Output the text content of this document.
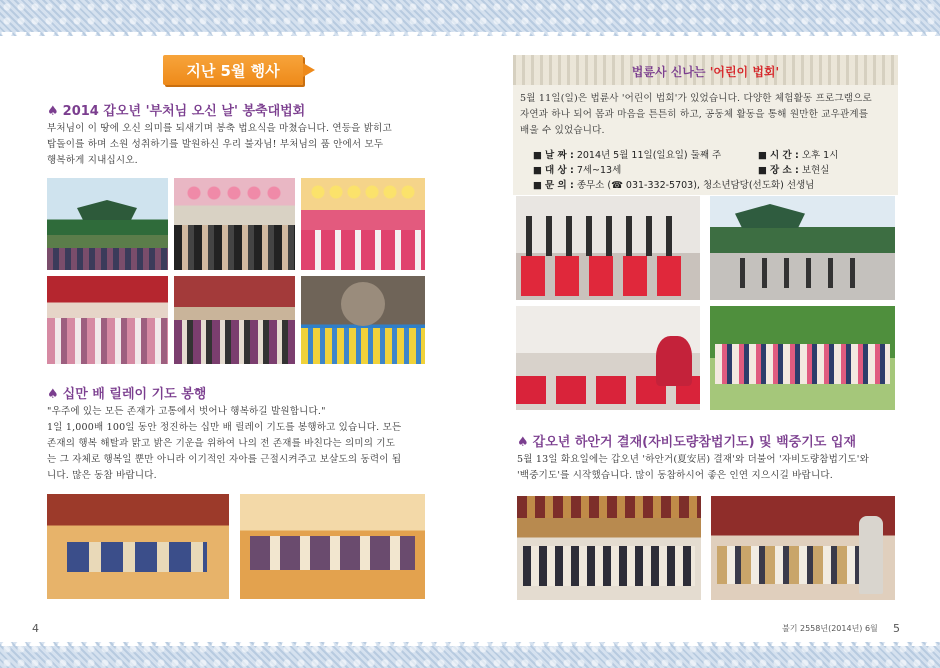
지난 5월 행사
♠ 2014 갑오년 '부처님 오신 날' 봉축대법회
부처님이 이 땅에 오신 의미를 되새기며 봉축 법요식을 마쳤습니다. 연등을 밝히고
탑돌이를 하며 소원 성취하기를 발원하신 우리 불자님! 부처님의 품 안에서 모두
행복하게 지내십시오.
♠ 십만 배 릴레이 기도 봉행
"우주에 있는 모든 존재가 고통에서 벗어나 행복하길 발원합니다."
1일 1,000배 100일 동안 정진하는 십만 배 릴레이 기도를 봉행하고 있습니다. 모든
존재의 행복 해탈과 맑고 밝은 기운을 위하여 나의 전 존재를 바친다는 의미의 기도
는 그 자체로 행복일 뿐만 아니라 이기적인 자아를 근절시켜주고 보살도의 동력이 됩
니다. 많은 동참 바랍니다.
4
법륜사 신나는 '어린이 법회'
5월 11일(일)은 법륜사 '어린이 법회'가 있었습니다. 다양한 체험활동 프로그램으로
자연과 하나 되어 몸과 마음을 튼튼히 하고, 공동체 활동을 통해 원만한 교우관계를
배울 수 있었습니다.
■ 날 짜 : 2014년 5월 11일(일요일) 둘째 주	■ 시 간 : 오후 1시
■ 대 상 : 7세~13세	■ 장 소 : 보현실
■ 문 의 : 종무소 (☎ 031-332-5703), 청소년담당(선도화) 선생님
♠ 갑오년 하안거 결재(자비도량참법기도) 및 백중기도 입재
5월 13일 화요일에는 갑오년 '하안거(夏安居) 결재'와 더불어 '자비도량참법기도'와
'백중기도'를 시작했습니다. 많이 동참하시어 좋은 인연 지으시길 바랍니다.
불기 2558년(2014년) 6월 5
